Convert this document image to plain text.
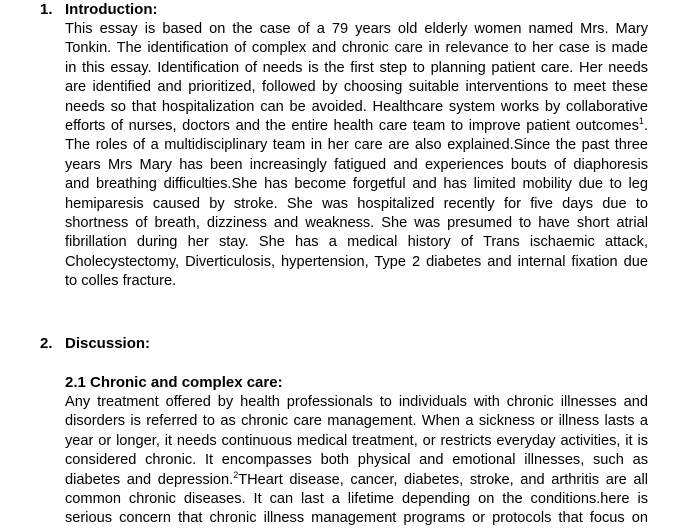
1. Introduction:
This essay is based on the case of a 79 years old elderly women named Mrs. Mary
Tonkin. The identification of complex and chronic care in relevance to her case is made
in this essay. Identification of needs is the first step to planning patient care. Her needs
are identified and prioritized, followed by choosing suitable interventions to meet these
needs so that hospitalization can be avoided. Healthcare system works by collaborative
efforts of nurses, doctors and the entire health care team to improve patient outcomes$^1$.
The roles of a multidisciplinary team in her care are also explained.Since the past three
years Mrs Mary has been increasingly fatigued and experiences bouts of diaphoresis
and breathing difficulties.She has become forgetful and has limited mobility due to leg
hemiparesis caused by stroke. She was hospitalized recently for five days due to
shortness of breath, dizziness and weakness. She was presumed to have short atrial
fibrillation during her stay. She has a medical history of Trans ischaemic attack,
Cholecystectomy, Diverticulosis, hypertension, Type 2 diabetes and internal fixation due
to colles fracture.
2. Discussion:
2.1 Chronic and complex care:
Any treatment offered by health professionals to individuals with chronic illnesses and
disorders is referred to as chronic care management. When a sickness or illness lasts a
year or longer, it needs continuous medical treatment, or restricts everyday activities, it is
considered chronic. It encompasses both physical and emotional illnesses, such as
diabetes and depression.$^2$THeart disease, cancer, diabetes, stroke, and arthritis are all
common chronic diseases. It can last a lifetime depending on the conditions.here is
serious concern that chronic illness management programs or protocols that focus on
